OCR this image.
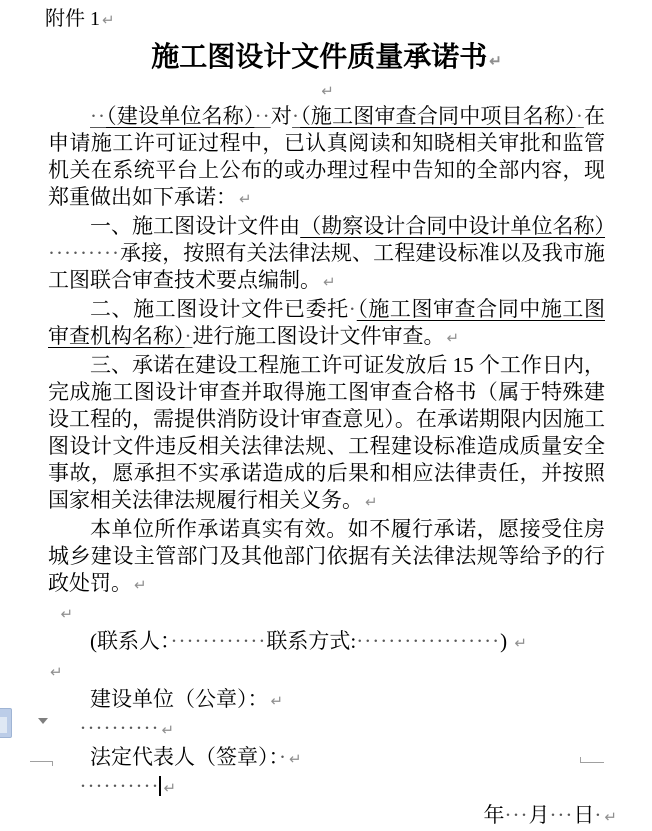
附件 1 ↵
施工图设计文件质量承诺书 ↵
↵

··（建设单位名称）··对·（施工图审查合同中项目名称）·在申请施工许可证过程中，已认真阅读和知晓相关审批和监管机关在系统平台上公布的或办理过程中告知的全部内容，现郑重做出如下承诺： ↵

一、施工图设计文件由（勘察设计合同中设计单位名称）·········承接，按照有关法律法规、工程建设标准以及我市施工图联合审查技术要点编制。 ↵

二、施工图设计文件已委托·（施工图审查合同中施工图审查机构名称）·进行施工图设计文件审查。 ↵

三、承诺在建设工程施工许可证发放后 15 个工作日内，完成施工图设计审查并取得施工图审查合格书（属于特殊建设工程的，需提供消防设计审查意见）。在承诺期限内因施工图设计文件违反相关法律法规、工程建设标准造成质量安全事故，愿承担不实承诺造成的后果和相应法律责任，并按照国家相关法律法规履行相关义务。 ↵

本单位所作承诺真实有效。如不履行承诺，愿接受住房城乡建设主管部门及其他部门依据有关法律法规等给予的行政处罚。 ↵

↵

(联系人：············联系方式:··················) ↵

↵

建设单位（公章）： ↵

·········· ↵

法定代表人（签章）：· ↵

·········· ↵

年···月···日· ↵
